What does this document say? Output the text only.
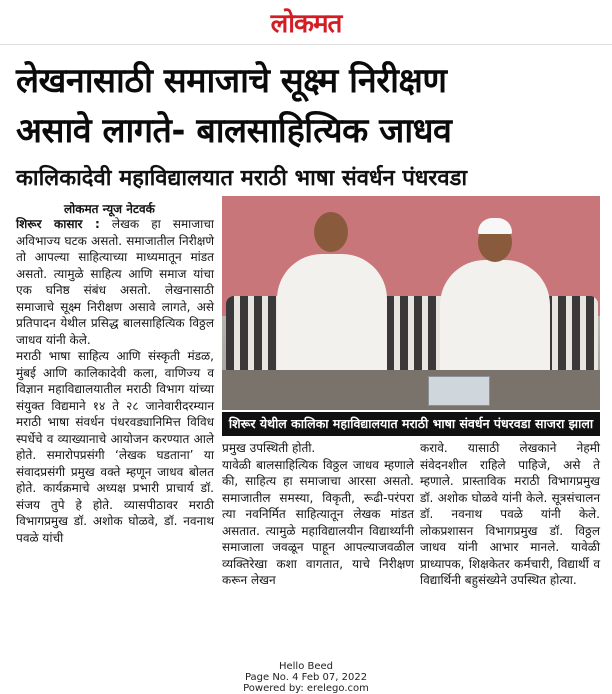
लोकमत
लेखनासाठी समाजाचे सूक्ष्म निरीक्षण
असावे लागते- बालसाहित्यिक जाधव
कालिकादेवी महाविद्यालयात मराठी भाषा संवर्धन पंधरवडा
लोकमत न्यूज नेटवर्क
शिरूर येथील कालिका महाविद्यालयात मराठी भाषा संवर्धन पंधरवडा साजरा झाला
शिरूर कासार : लेखक हा समाजाचा अविभाज्य घटक असतो. समाजातील निरीक्षणे तो आपल्या साहित्याच्या माध्यमातून मांडत असतो. त्यामुळे साहित्य आणि समाज यांचा एक घनिष्ठ संबंध असतो. लेखनासाठी समाजाचे सूक्ष्म निरीक्षण असावे लागते, असे प्रतिपादन येथील प्रसिद्ध बालसाहित्यिक विठ्ठल जाधव यांनी केले.
मराठी भाषा साहित्य आणि संस्कृती मंडळ, मुंबई आणि कालिकादेवी कला, वाणिज्य व विज्ञान महाविद्यालयातील मराठी विभाग यांच्या संयुक्त विद्यमाने १४ ते २८ जानेवारीदरम्यान मराठी भाषा संवर्धन पंधरवड्यानिमित्त विविध स्पर्धेचे व व्याख्यानाचे आयोजन करण्यात आले होते. समारोपप्रसंगी ‘लेखक घडताना’ या संवादप्रसंगी प्रमुख वक्ते म्हणून जाधव बोलत होते. कार्यक्रमाचे अध्यक्ष प्रभारी प्राचार्य डॉ. संजय तुपे हे होते. व्यासपीठावर मराठी विभागप्रमुख डॉ. अशोक घोळवे, डॉ. नवनाथ पवळे यांची
प्रमुख उपस्थिती होती.
यावेळी बालसाहित्यिक विठ्ठल जाधव म्हणाले की, साहित्य हा समाजाचा आरसा असतो. समाजातील समस्या, विकृती, रूढी-परंपरा त्या नवनिर्मित साहित्यातून लेखक मांडत असतात. त्यामुळे महाविद्यालयीन विद्यार्थ्यांनी समाजाला जवळून पाहून आपल्याजवळील व्यक्तिरेखा कशा वागतात, याचे निरीक्षण करून लेखन
करावे. यासाठी लेखकाने नेहमी संवेदनशील राहिले पाहिजे, असे ते म्हणाले. प्रास्ताविक मराठी विभागप्रमुख डॉ. अशोक घोळवे यांनी केले. सूत्रसंचालन डॉ. नवनाथ पवळे यांनी केले. लोकप्रशासन विभागप्रमुख डॉ. विठ्ठल जाधव यांनी आभार मानले. यावेळी प्राध्यापक, शिक्षकेतर कर्मचारी, विद्यार्थी व विद्यार्थिनी बहुसंख्येने उपस्थित होत्या.
Hello Beed
Page No. 4 Feb 07, 2022
Powered by: erelego.com
